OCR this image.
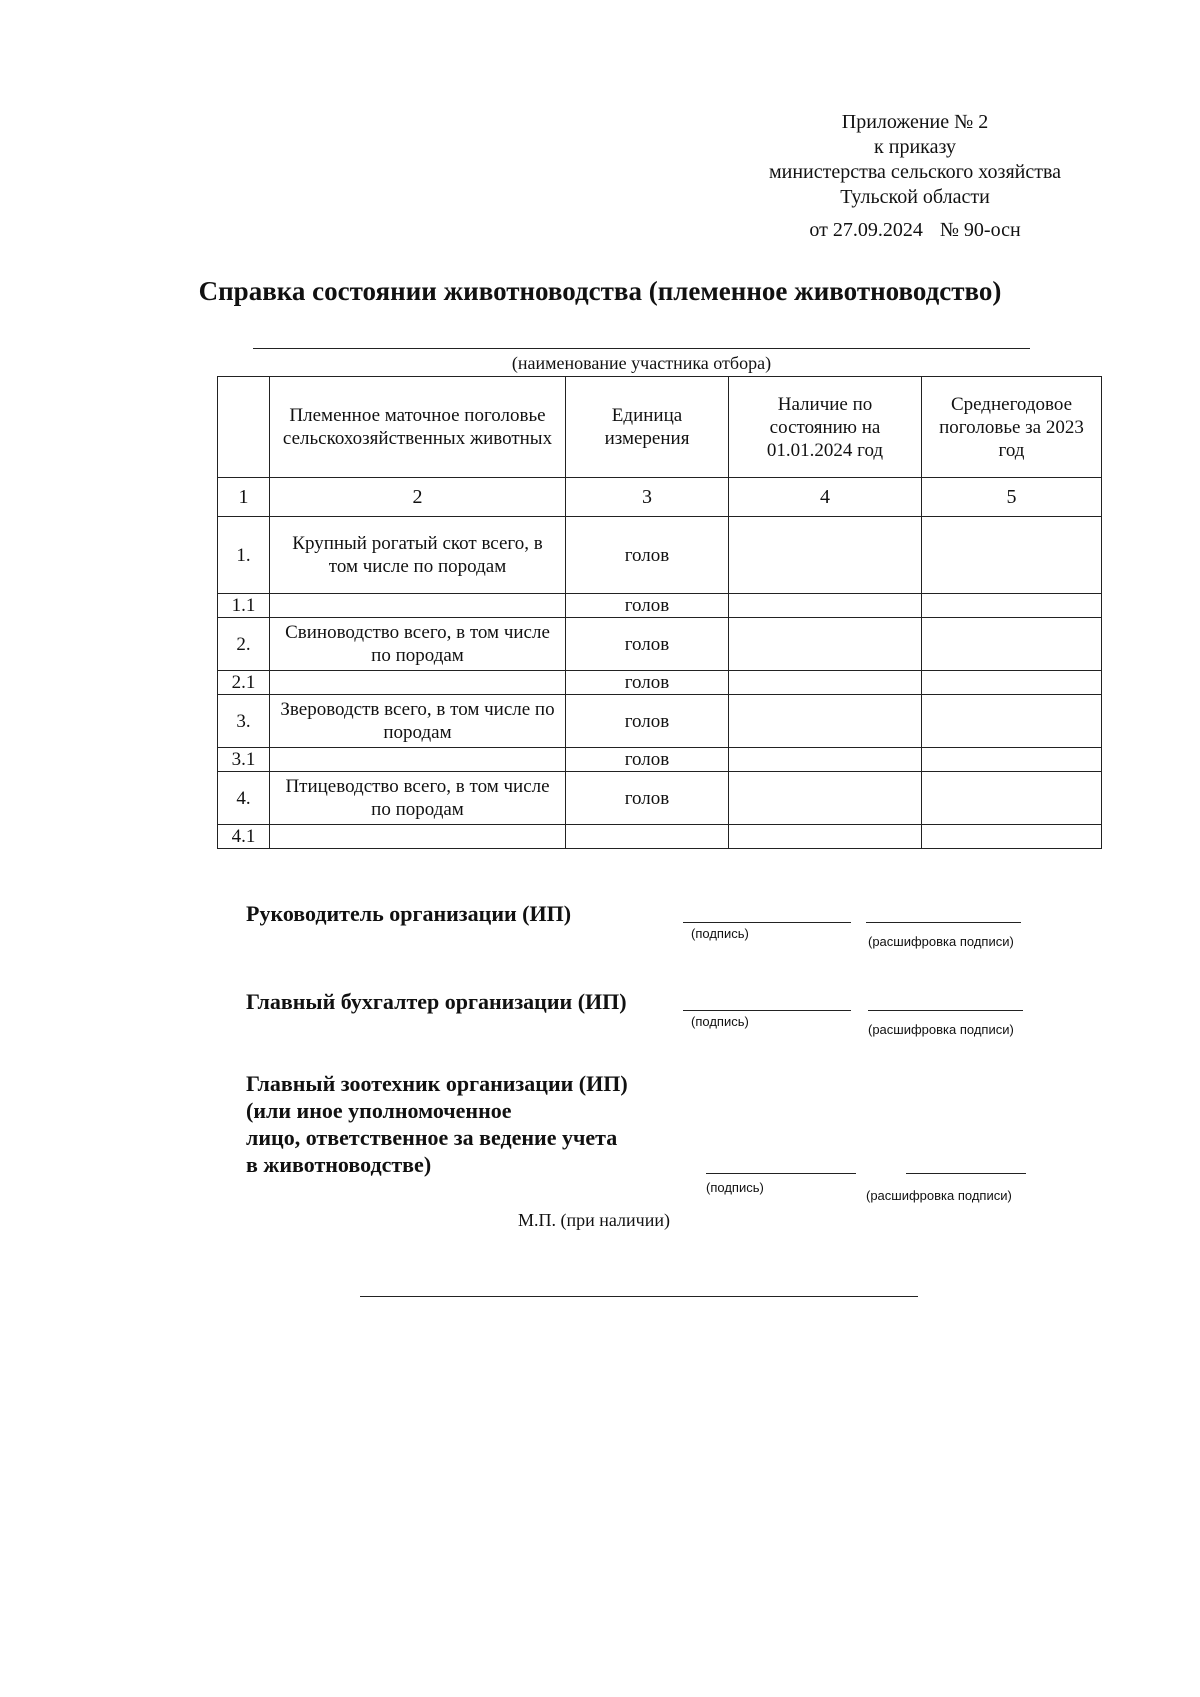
Приложение № 2
к приказу
министерства сельского хозяйства
Тульской области
от 27.09.2024 № 90-осн
Справка состоянии животноводства (племенное животноводство)
(наименование участника отбора)
	Племенное маточное поголовье сельскохозяйственных животных	Единица измерения	Наличие по состоянию на 01.01.2024 год	Среднегодовое поголовье за 2023 год
1	2	3	4	5
1.	Крупный рогатый скот всего, в том числе по породам	голов		
1.1		голов		
2.	Свиноводство всего, в том числе по породам	голов		
2.1		голов		
3.	Звероводств всего, в том числе по породам	голов		
3.1		голов		
4.	Птицеводство всего, в том числе по породам	голов		
4.1				
Руководитель организации (ИП)
(подпись)
(расшифровка подписи)
Главный бухгалтер организации (ИП)
(подпись)
(расшифровка подписи)
Главный зоотехник организации (ИП)
(или иное уполномоченное
лицо, ответственное за ведение учета
в животноводстве)
(подпись)
(расшифровка подписи)
М.П. (при наличии)
